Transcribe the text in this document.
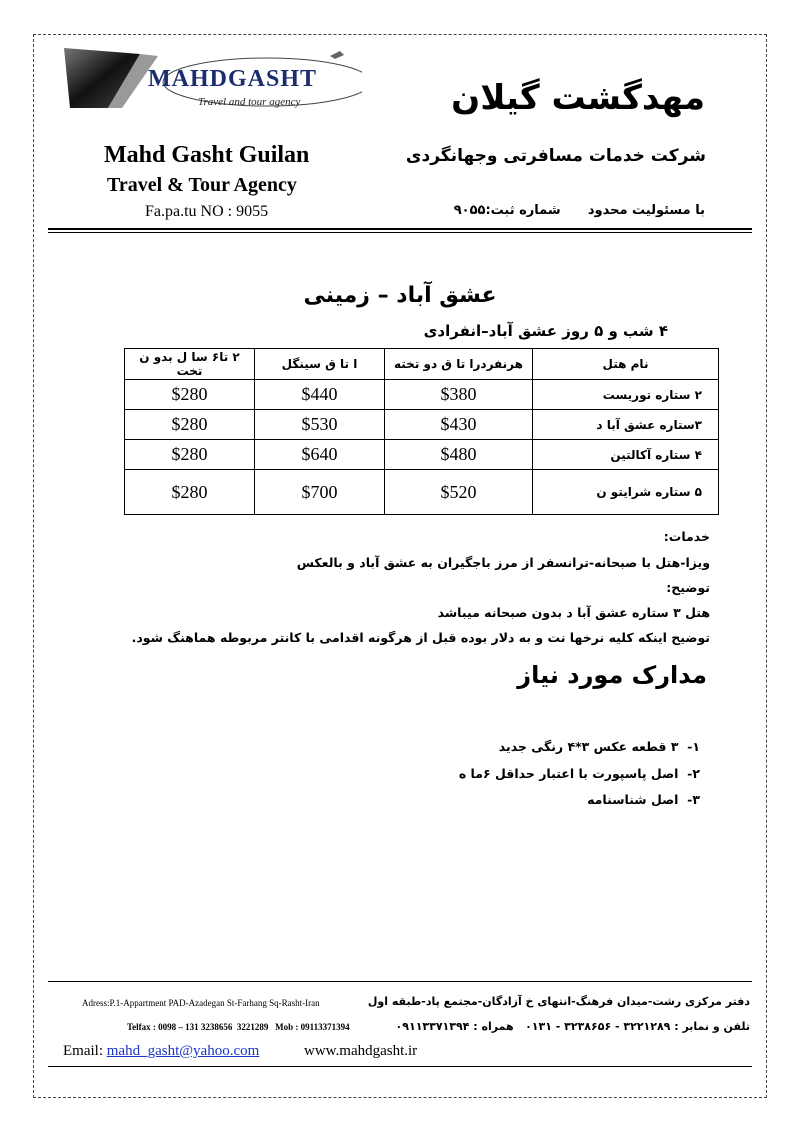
MAHDGASHT
Travel and tour agency	مهدگشت گیلان
شرکت خدمات مسافرتی وجهانگردی
با مسئولیت محدود      شماره ثبت:۹۰۵۵
Mahd Gasht Guilan
Travel & Tour Agency
Fa.pa.tu NO : 9055
عشق آباد – زمینی
۴ شب و ۵ روز عشق آباد–انفرادی
۲ تا۶ سا ل بدو ن تخت	ا تا ق سینگل	هرنفردرا تا ق دو تخته	نام هتل
$280	$440	$380	۲ ستاره توریست
$280	$530	$430	۳ستاره عشق آبا د
$280	$640	$480	۴ ستاره آکالتین
$280	$700	$520	۵ ستاره شرایتو ن
خدمات:
ویزا-هتل با صبحانه-ترانسفر از مرز باجگیران به عشق آباد و بالعکس
توضیح:
هتل ۳ ستاره عشق آبا د بدون صبحانه میباشد
توضیح اینکه کلیه نرخها نت و به دلار بوده قبل از هرگونه اقدامی با کانتر مربوطه هماهنگ شود.
مدارک مورد نیاز
۱-  ۳ قطعه عکس ۳*۴ رنگی جدید
۲-  اصل پاسپورت با اعتبار حداقل ۶ما ه
۳-  اصل شناسنامه
Adress:P.1-Appartment PAD-Azadegan St-Farhang Sq-Rasht-Iran	دفتر مرکزی رشت-میدان فرهنگ-انتهای خ آزادگان-مجتمع پاد-طبقه اول
Telfax : 0098 – 131 3238656  3221289   Mob : 09113371394	تلفن و نمابر : ۳۲۲۱۲۸۹ - ۳۲۳۸۶۵۶ - ۰۱۳۱   همراه : ۰۹۱۱۳۳۷۱۳۹۴
Email: mahd_gasht@yahoo.com	www.mahdgasht.ir
